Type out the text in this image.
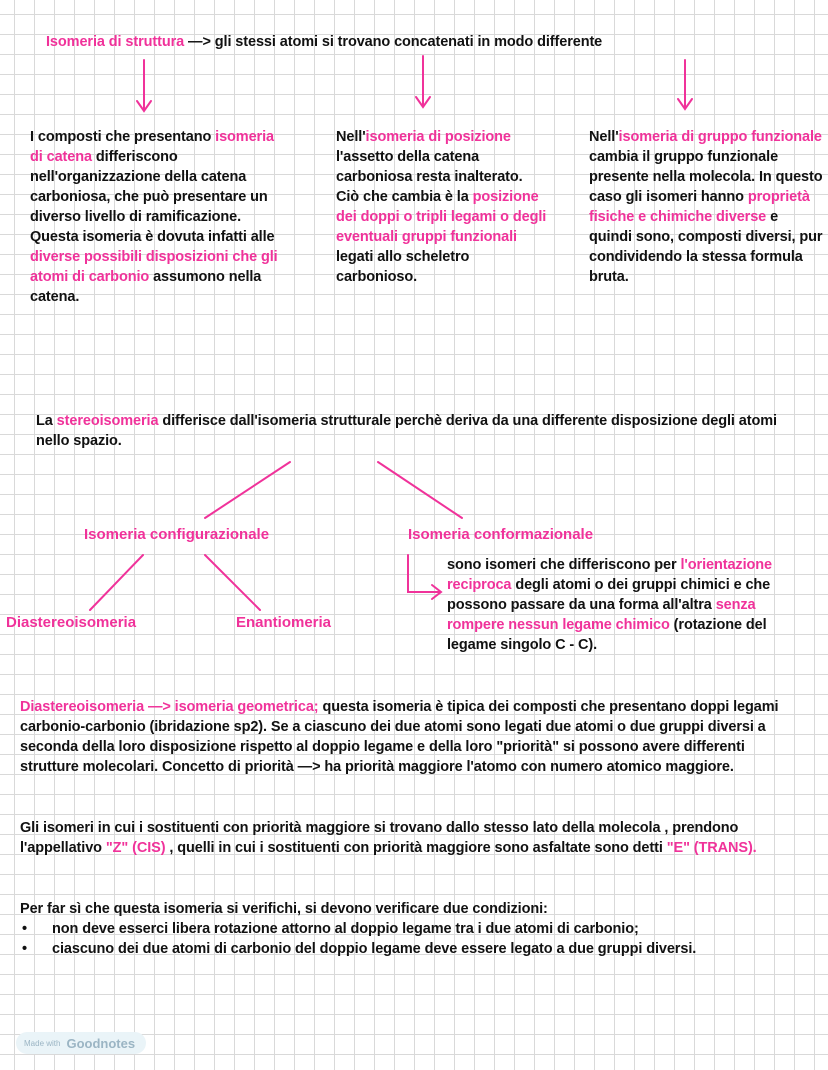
Isomeria di struttura —> gli stessi atomi si trovano concatenati in modo differente
I composti che presentano isomeria di catena differiscono nell'organizzazione della catena carboniosa, che può presentare un diverso livello di ramificazione. Questa isomeria è dovuta infatti alle diverse possibili disposizioni che gli atomi di carbonio assumono nella catena.
Nell'isomeria di posizione l'assetto della catena carboniosa resta inalterato. Ciò che cambia è la posizione dei doppi o tripli legami o degli eventuali gruppi funzionali legati allo scheletro carbonioso.
Nell'isomeria di gruppo funzionale cambia il gruppo funzionale presente nella molecola. In questo caso gli isomeri hanno proprietà fisiche e chimiche diverse e quindi sono, composti diversi, pur condividendo la stessa formula bruta.
La stereoisomeria differisce dall'isomeria strutturale perchè deriva da una differente disposizione degli atomi nello spazio.
Isomeria configurazionale	Isomeria conformazionale
Diastereoisomeria	Enantiomeria
sono isomeri che differiscono per l'orientazione reciproca degli atomi o dei gruppi chimici e che possono passare da una forma all'altra senza rompere nessun legame chimico (rotazione del legame singolo C - C).
Diastereoisomeria —> isomeria geometrica; questa isomeria è tipica dei composti che presentano doppi legami carbonio-carbonio (ibridazione sp2). Se a ciascuno dei due atomi sono legati due atomi o due gruppi diversi a seconda della loro disposizione rispetto al doppio legame e della loro "priorità" si possono avere differenti strutture molecolari. Concetto di priorità —> ha priorità maggiore l'atomo con numero atomico maggiore.
Gli isomeri in cui i sostituenti con priorità maggiore si trovano dallo stesso lato della molecola , prendono l'appellativo "Z" (CIS) , quelli in cui i sostituenti con priorità maggiore sono asfaltate sono detti "E" (TRANS).
Per far sì che questa isomeria si verifichi, si devono verificare due condizioni:
• non deve esserci libera rotazione attorno al doppio legame tra i due atomi di carbonio;
• ciascuno dei due atomi di carbonio del doppio legame deve essere legato a due gruppi diversi.
Made with Goodnotes
